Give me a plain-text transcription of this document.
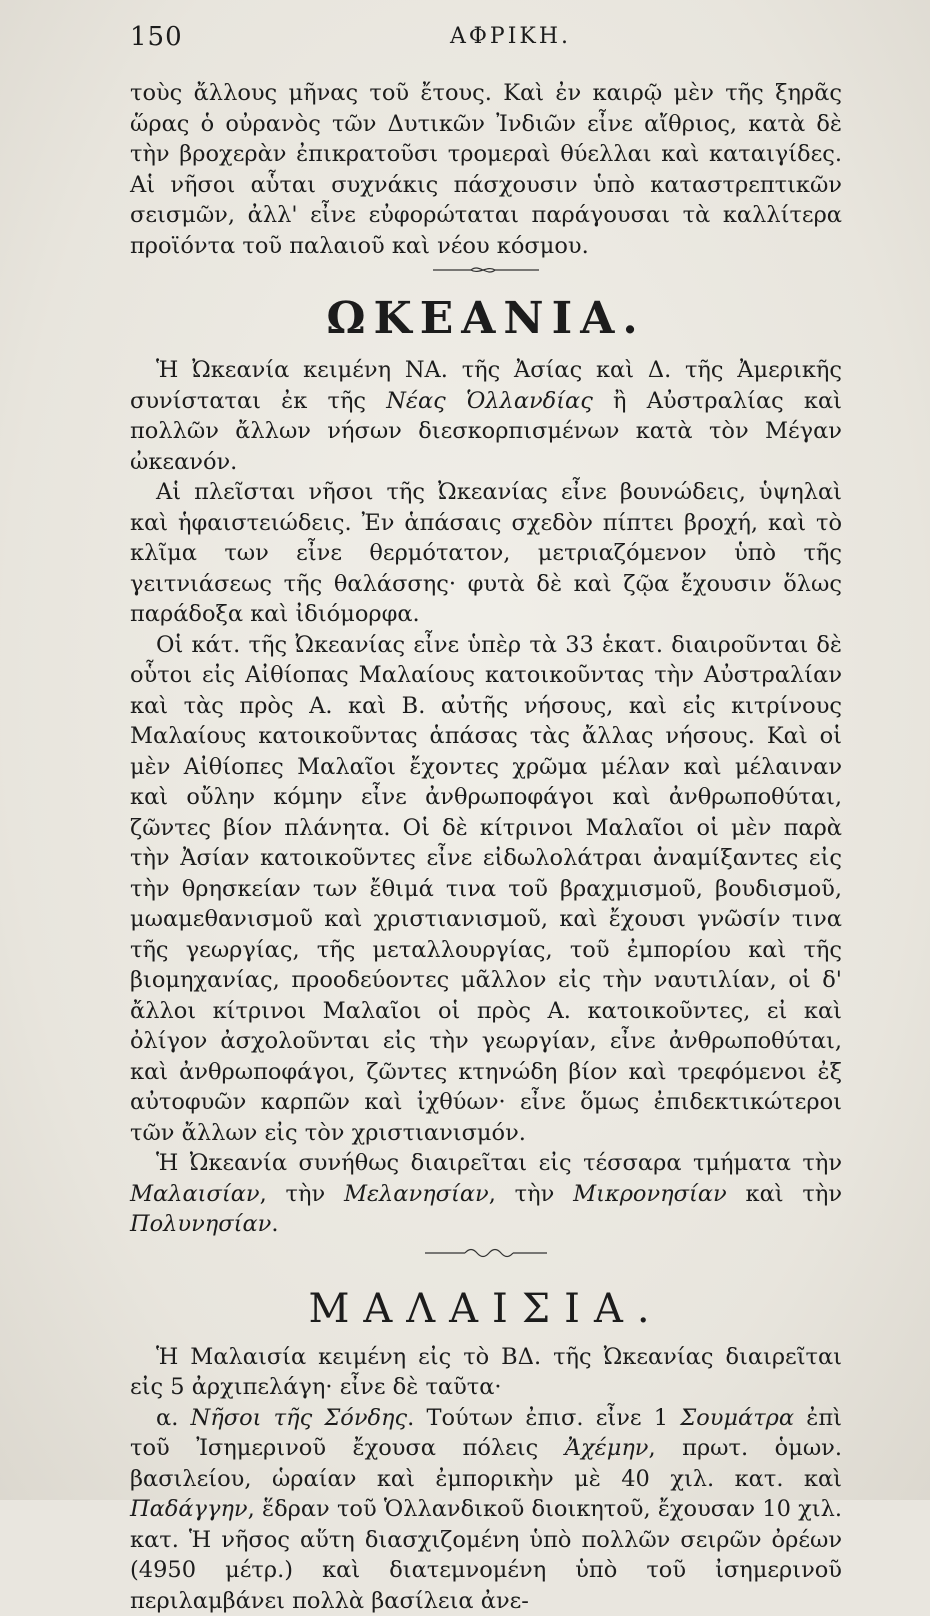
150	ΑΦΡΙΚΗ.

τοὺς ἄλλους μῆνας τοῦ ἔτους. Καὶ ἐν καιρῷ μὲν τῆς ξηρᾶς ὥρας ὁ οὐρανὸς τῶν Δυτικῶν Ἰνδιῶν εἶνε αἴθριος, κατὰ δὲ τὴν βροχερὰν ἐπικρατοῦσι τρομεραὶ θύελλαι καὶ καταιγίδες. Αἱ νῆσοι αὗται συχνάκις πάσχουσιν ὑπὸ καταστρεπτικῶν σεισμῶν, ἀλλ' εἶνε εὐφορώταται παράγουσαι τὰ καλλίτερα προϊόντα τοῦ παλαιοῦ καὶ νέου κόσμου.

ΩΚΕΑΝΙΑ.

Ἡ Ὠκεανία κειμένη ΝΑ. τῆς Ἀσίας καὶ Δ. τῆς Ἀμερικῆς συνίσταται ἐκ τῆς Νέας Ὁλλανδίας ἢ Αὐστραλίας καὶ πολλῶν ἄλλων νήσων διεσκορπισμένων κατὰ τὸν Μέγαν ὠκεανόν.

Αἱ πλεῖσται νῆσοι τῆς Ὠκεανίας εἶνε βουνώδεις, ὑψηλαὶ καὶ ἡφαιστειώδεις. Ἐν ἁπάσαις σχεδὸν πίπτει βροχή, καὶ τὸ κλῖμα των εἶνε θερμότατον, μετριαζόμενον ὑπὸ τῆς γειτνιάσεως τῆς θαλάσσης· φυτὰ δὲ καὶ ζῷα ἔχουσιν ὅλως παράδοξα καὶ ἰδιόμορφα.

Οἱ κάτ. τῆς Ὠκεανίας εἶνε ὑπὲρ τὰ 33 ἑκατ. διαιροῦνται δὲ οὗτοι εἰς Αἰθίοπας Μαλαίους κατοικοῦντας τὴν Αὐστραλίαν καὶ τὰς πρὸς Α. καὶ Β. αὐτῆς νήσους, καὶ εἰς κιτρίνους Μαλαίους κατοικοῦντας ἁπάσας τὰς ἄλλας νήσους. Καὶ οἱ μὲν Αἰθίοπες Μαλαῖοι ἔχοντες χρῶμα μέλαν καὶ μέλαιναν καὶ οὔλην κόμην εἶνε ἀνθρωποφάγοι καὶ ἀνθρωποθύται, ζῶντες βίον πλάνητα. Οἱ δὲ κίτρινοι Μαλαῖοι οἱ μὲν παρὰ τὴν Ἀσίαν κατοικοῦντες εἶνε εἰδωλολάτραι ἀναμίξαντες εἰς τὴν θρησκείαν των ἔθιμά τινα τοῦ βραχμισμοῦ, βουδισμοῦ, μωαμεθανισμοῦ καὶ χριστιανισμοῦ, καὶ ἔχουσι γνῶσίν τινα τῆς γεωργίας, τῆς μεταλλουργίας, τοῦ ἐμπορίου καὶ τῆς βιομηχανίας, προοδεύοντες μᾶλλον εἰς τὴν ναυτιλίαν, οἱ δ' ἄλλοι κίτρινοι Μαλαῖοι οἱ πρὸς Α. κατοικοῦντες, εἰ καὶ ὀλίγον ἀσχολοῦνται εἰς τὴν γεωργίαν, εἶνε ἀνθρωποθύται, καὶ ἀνθρωποφάγοι, ζῶντες κτηνώδη βίον καὶ τρεφόμενοι ἐξ αὐτοφυῶν καρπῶν καὶ ἰχθύων· εἶνε ὅμως ἐπιδεκτικώτεροι τῶν ἄλλων εἰς τὸν χριστιανισμόν.

Ἡ Ὠκεανία συνήθως διαιρεῖται εἰς τέσσαρα τμήματα τὴν Μαλαισίαν, τὴν Μελανησίαν, τὴν Μικρονησίαν καὶ τὴν Πολυνησίαν.

ΜΑΛΑΙΣΙΑ.

Ἡ Μαλαισία κειμένη εἰς τὸ ΒΔ. τῆς Ὠκεανίας διαιρεῖται εἰς 5 ἀρχιπελάγη· εἶνε δὲ ταῦτα·

α. Νῆσοι τῆς Σόνδης. Τούτων ἐπισ. εἶνε 1 Σουμάτρα ἐπὶ τοῦ Ἰσημερινοῦ ἔχουσα πόλεις Ἀχέμην, πρωτ. ὁμων. βασιλείου, ὡραίαν καὶ ἐμπορικὴν μὲ 40 χιλ. κατ. καὶ Παδάγγην, ἕδραν τοῦ Ὁλλανδικοῦ διοικητοῦ, ἔχουσαν 10 χιλ. κατ. Ἡ νῆσος αὕτη διασχιζομένη ὑπὸ πολλῶν σειρῶν ὀρέων (4950 μέτρ.) καὶ διατεμνομένη ὑπὸ τοῦ ἰσημερινοῦ περιλαμβάνει πολλὰ βασίλεια ἀνε-
